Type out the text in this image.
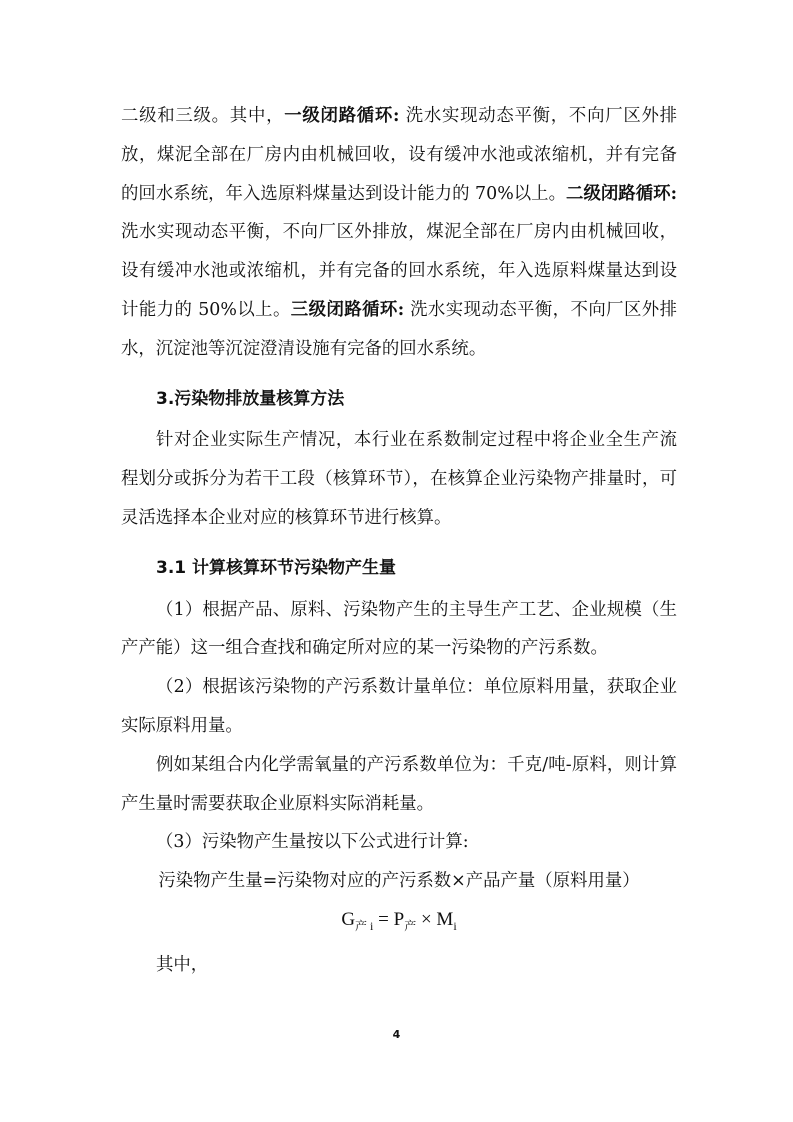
二级和三级。其中，一级闭路循环: 洗水实现动态平衡，不向厂区外排放，煤泥全部在厂房内由机械回收，设有缓冲水池或浓缩机，并有完备的回水系统，年入选原料煤量达到设计能力的 70%以上。二级闭路循环: 洗水实现动态平衡，不向厂区外排放，煤泥全部在厂房内由机械回收，设有缓冲水池或浓缩机，并有完备的回水系统，年入选原料煤量达到设计能力的 50%以上。三级闭路循环: 洗水实现动态平衡，不向厂区外排水，沉淀池等沉淀澄清设施有完备的回水系统。

3.污染物排放量核算方法

针对企业实际生产情况，本行业在系数制定过程中将企业全生产流程划分或拆分为若干工段（核算环节），在核算企业污染物产排量时，可灵活选择本企业对应的核算环节进行核算。

3.1 计算核算环节污染物产生量

（1）根据产品、原料、污染物产生的主导生产工艺、企业规模（生产产能）这一组合查找和确定所对应的某一污染物的产污系数。

（2）根据该污染物的产污系数计量单位：单位原料用量，获取企业实际原料用量。

例如某组合内化学需氧量的产污系数单位为：千克/吨-原料，则计算产生量时需要获取企业原料实际消耗量。

（3）污染物产生量按以下公式进行计算:

污染物产生量=污染物对应的产污系数×产品产量（原料用量）

$G_{产 i} = P_产 \times M_i$

其中，

4
